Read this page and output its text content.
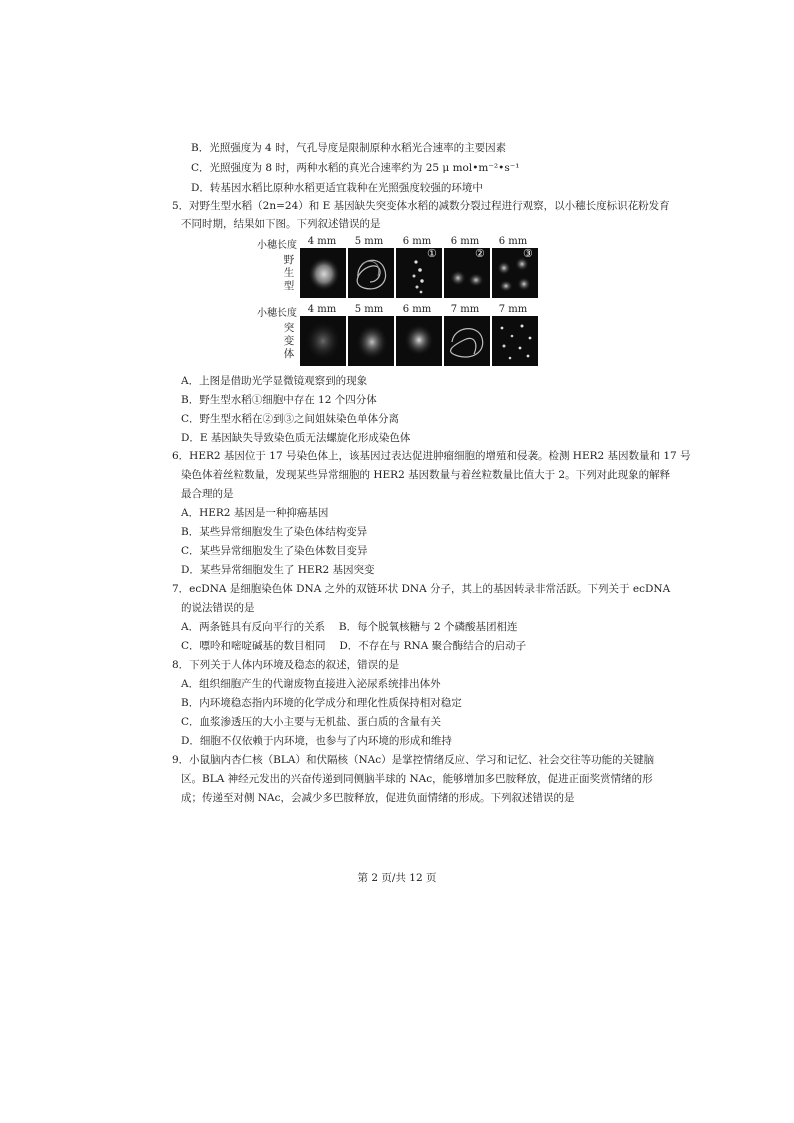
B．光照强度为 4 时，气孔导度是限制原种水稻光合速率的主要因素
C．光照强度为 8 时，两种水稻的真光合速率约为 25 μ mol•m⁻²•s⁻¹
D．转基因水稻比原种水稻更适宜栽种在光照强度较强的环境中
5．对野生型水稻（2n=24）和 E 基因缺失突变体水稻的减数分裂过程进行观察，以小穗长度标识花粉发育
不同时期，结果如下图。下列叙述错误的是
小穗长度	4 mm	5 mm	6 mm	6 mm	6 mm
野
生
型
①	②	③
小穗长度	4 mm	5 mm	6 mm	7 mm	7 mm
突
变
体
A．上图是借助光学显微镜观察到的现象
B．野生型水稻①细胞中存在 12 个四分体
C．野生型水稻在②到③之间姐妹染色单体分离
D．E 基因缺失导致染色质无法螺旋化形成染色体
6．HER2 基因位于 17 号染色体上，该基因过表达促进肿瘤细胞的增殖和侵袭。检测 HER2 基因数量和 17 号
染色体着丝粒数量，发现某些异常细胞的 HER2 基因数量与着丝粒数量比值大于 2。下列对此现象的解释
最合理的是
A．HER2 基因是一种抑癌基因
B．某些异常细胞发生了染色体结构变异
C．某些异常细胞发生了染色体数目变异
D．某些异常细胞发生了 HER2 基因突变
7．ecDNA 是细胞染色体 DNA 之外的双链环状 DNA 分子，其上的基因转录非常活跃。下列关于 ecDNA
的说法错误的是
A．两条链具有反向平行的关系　 B．每个脱氧核糖与 2 个磷酸基团相连
C．嘌呤和嘧啶碱基的数目相同　 D．不存在与 RNA 聚合酶结合的启动子
8．下列关于人体内环境及稳态的叙述，错误的是
A．组织细胞产生的代谢废物直接进入泌尿系统排出体外
B．内环境稳态指内环境的化学成分和理化性质保持相对稳定
C．血浆渗透压的大小主要与无机盐、蛋白质的含量有关
D．细胞不仅依赖于内环境，也参与了内环境的形成和维持
9．小鼠脑内杏仁核（BLA）和伏隔核（NAc）是掌控情绪反应、学习和记忆、社会交往等功能的关键脑
区。BLA 神经元发出的兴奋传递到同侧脑半球的 NAc，能够增加多巴胺释放，促进正面奖赏情绪的形
成；传递至对侧 NAc，会减少多巴胺释放，促进负面情绪的形成。下列叙述错误的是
第 2 页/共 12 页
